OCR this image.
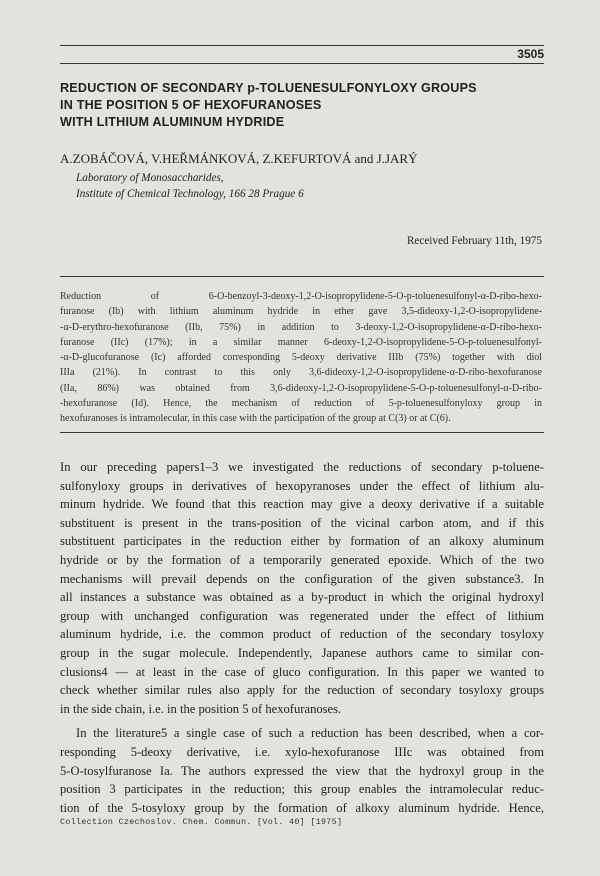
3505
REDUCTION OF SECONDARY p-TOLUENESULFONYLOXY GROUPS
IN THE POSITION 5 OF HEXOFURANOSES
WITH LITHIUM ALUMINUM HYDRIDE
A.ZOBÁČOVÁ, V.HEŘMÁNKOVÁ, Z.KEFURTOVÁ and J.JARÝ
Laboratory of Monosaccharides,
Institute of Chemical Technology, 166 28 Prague 6
Received February 11th, 1975
Reduction of 6-O-benzoyl-3-deoxy-1,2-O-isopropylidene-5-O-p-toluenesulfonyl-α-D-ribo-hexo-
furanose (Ib) with lithium aluminum hydride in ether gave 3,5-dideoxy-1,2-O-isopropylidene-
-α-D-erythro-hexofuranose (IIb, 75%) in addition to 3-deoxy-1,2-O-isopropylidene-α-D-ribo-hexo-
furanose (IIc) (17%); in a similar manner 6-deoxy-1,2-O-isopropylidene-5-O-p-toluenesulfonyl-
-α-D-glucofuranose (Ic) afforded corresponding 5-deoxy derivative IIIb (75%) together with diol
IIIa (21%). In contrast to this only 3,6-dideoxy-1,2-O-isopropylidene-α-D-ribo-hexofuranose
(IIa, 86%) was obtained from 3,6-dideoxy-1,2-O-isopropylidene-5-O-p-toluenesulfonyl-α-D-ribo-
-hexofuranose (Id). Hence, the mechanism of reduction of 5-p-toluenesulfonyloxy group in
hexofuranoses is intramolecular, in this case with the participation of the group at C(3) or at C(6).
In our preceding papers1–3 we investigated the reductions of secondary p-toluene-
sulfonyloxy groups in derivatives of hexopyranoses under the effect of lithium alu-
minum hydride. We found that this reaction may give a deoxy derivative if a suitable
substituent is present in the trans-position of the vicinal carbon atom, and if this
substituent participates in the reduction either by formation of an alkoxy aluminum
hydride or by the formation of a temporarily generated epoxide. Which of the two
mechanisms will prevail depends on the configuration of the given substance3. In
all instances a substance was obtained as a by-product in which the original hydroxyl
group with unchanged configuration was regenerated under the effect of lithium
aluminum hydride, i.e. the common product of reduction of the secondary tosyloxy
group in the sugar molecule. Independently, Japanese authors came to similar con-
clusions4 — at least in the case of gluco configuration. In this paper we wanted to
check whether similar rules also apply for the reduction of secondary tosyloxy groups
in the side chain, i.e. in the position 5 of hexofuranoses.
In the literature5 a single case of such a reduction has been described, when a cor-
responding 5-deoxy derivative, i.e. xylo-hexofuranose IIIc was obtained from
5-O-tosylfuranose Ia. The authors expressed the view that the hydroxyl group in the
position 3 participates in the reduction; this group enables the intramolecular reduc-
tion of the 5-tosyloxy group by the formation of alkoxy aluminum hydride. Hence,
Collection Czechoslov. Chem. Commun. [Vol. 40] [1975]
